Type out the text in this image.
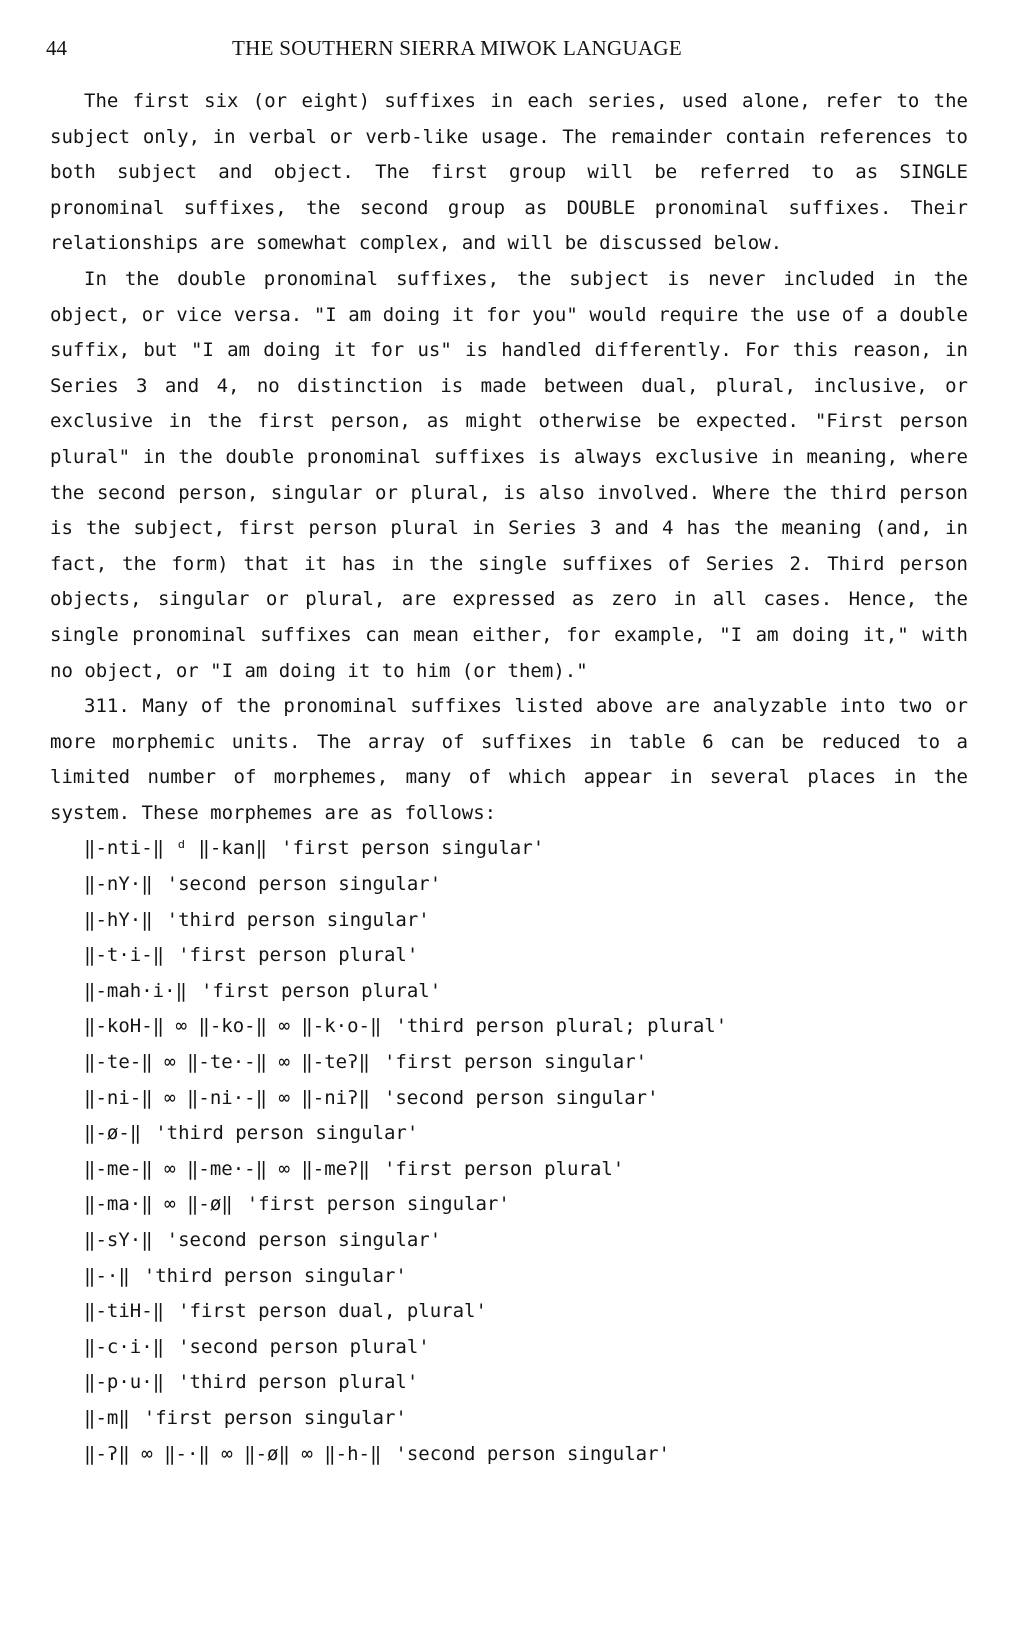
44	THE SOUTHERN SIERRA MIWOK LANGUAGE

The first six (or eight) suffixes in each series, used alone, refer to the subject only, in verbal or verb-like usage. The remainder contain references to both subject and object. The first group will be referred to as SINGLE pronominal suffixes, the second group as DOUBLE pronominal suffixes. Their relationships are somewhat complex, and will be discussed below.

In the double pronominal suffixes, the subject is never included in the object, or vice versa. "I am doing it for you" would require the use of a double suffix, but "I am doing it for us" is handled differently. For this reason, in Series 3 and 4, no distinction is made between dual, plural, inclusive, or exclusive in the first person, as might otherwise be expected. "First person plural" in the double pronominal suffixes is always exclusive in meaning, where the second person, singular or plural, is also involved. Where the third person is the subject, first person plural in Series 3 and 4 has the meaning (and, in fact, the form) that it has in the single suffixes of Series 2. Third person objects, singular or plural, are expressed as zero in all cases. Hence, the single pronominal suffixes can mean either, for example, "I am doing it," with no object, or "I am doing it to him (or them)."

311. Many of the pronominal suffixes listed above are analyzable into two or more morphemic units. The array of suffixes in table 6 can be reduced to a limited number of morphemes, many of which appear in several places in the system. These morphemes are as follows:

‖-nti-‖ ᵈ ‖-kan‖ 'first person singular'
‖-nY·‖ 'second person singular'
‖-hY·‖ 'third person singular'
‖-t·i-‖ 'first person plural'
‖-mah·i·‖ 'first person plural'
‖-koH-‖ ∞ ‖-ko-‖ ∞ ‖-k·o-‖ 'third person plural; plural'
‖-te-‖ ∞ ‖-te·-‖ ∞ ‖-teʔ‖ 'first person singular'
‖-ni-‖ ∞ ‖-ni·-‖ ∞ ‖-niʔ‖ 'second person singular'
‖-ø-‖ 'third person singular'
‖-me-‖ ∞ ‖-me·-‖ ∞ ‖-meʔ‖ 'first person plural'
‖-ma·‖ ∞ ‖-ø‖ 'first person singular'
‖-sY·‖ 'second person singular'
‖-·‖ 'third person singular'
‖-tiH-‖ 'first person dual, plural'
‖-c·i·‖ 'second person plural'
‖-p·u·‖ 'third person plural'
‖-m‖ 'first person singular'
‖-ʔ‖ ∞ ‖-·‖ ∞ ‖-ø‖ ∞ ‖-h-‖ 'second person singular'
